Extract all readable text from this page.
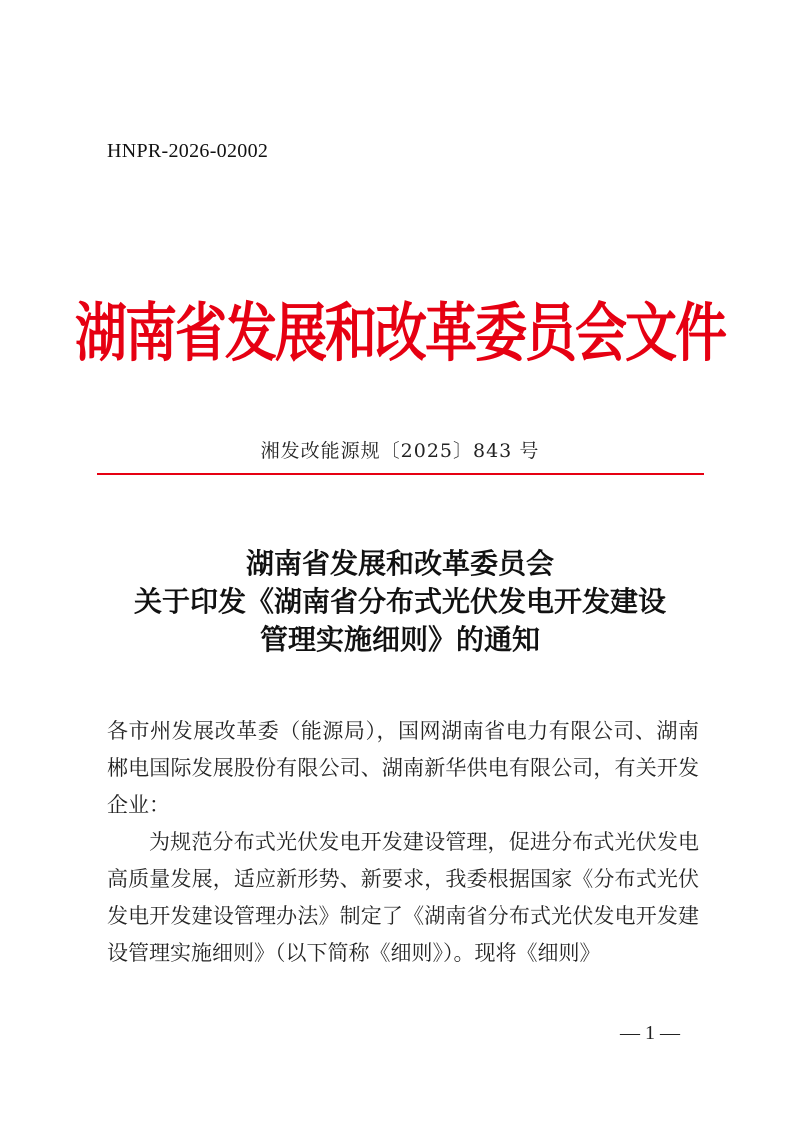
HNPR-2026-02002
湖南省发展和改革委员会文件
湘发改能源规〔2025〕843 号
湖南省发展和改革委员会
关于印发《湖南省分布式光伏发电开发建设
管理实施细则》的通知
各市州发展改革委（能源局），国网湖南省电力有限公司、湖南郴电国际发展股份有限公司、湖南新华供电有限公司，有关开发企业：
为规范分布式光伏发电开发建设管理，促进分布式光伏发电高质量发展，适应新形势、新要求，我委根据国家《分布式光伏发电开发建设管理办法》制定了《湖南省分布式光伏发电开发建设管理实施细则》（以下简称《细则》）。现将《细则》
— 1 —
